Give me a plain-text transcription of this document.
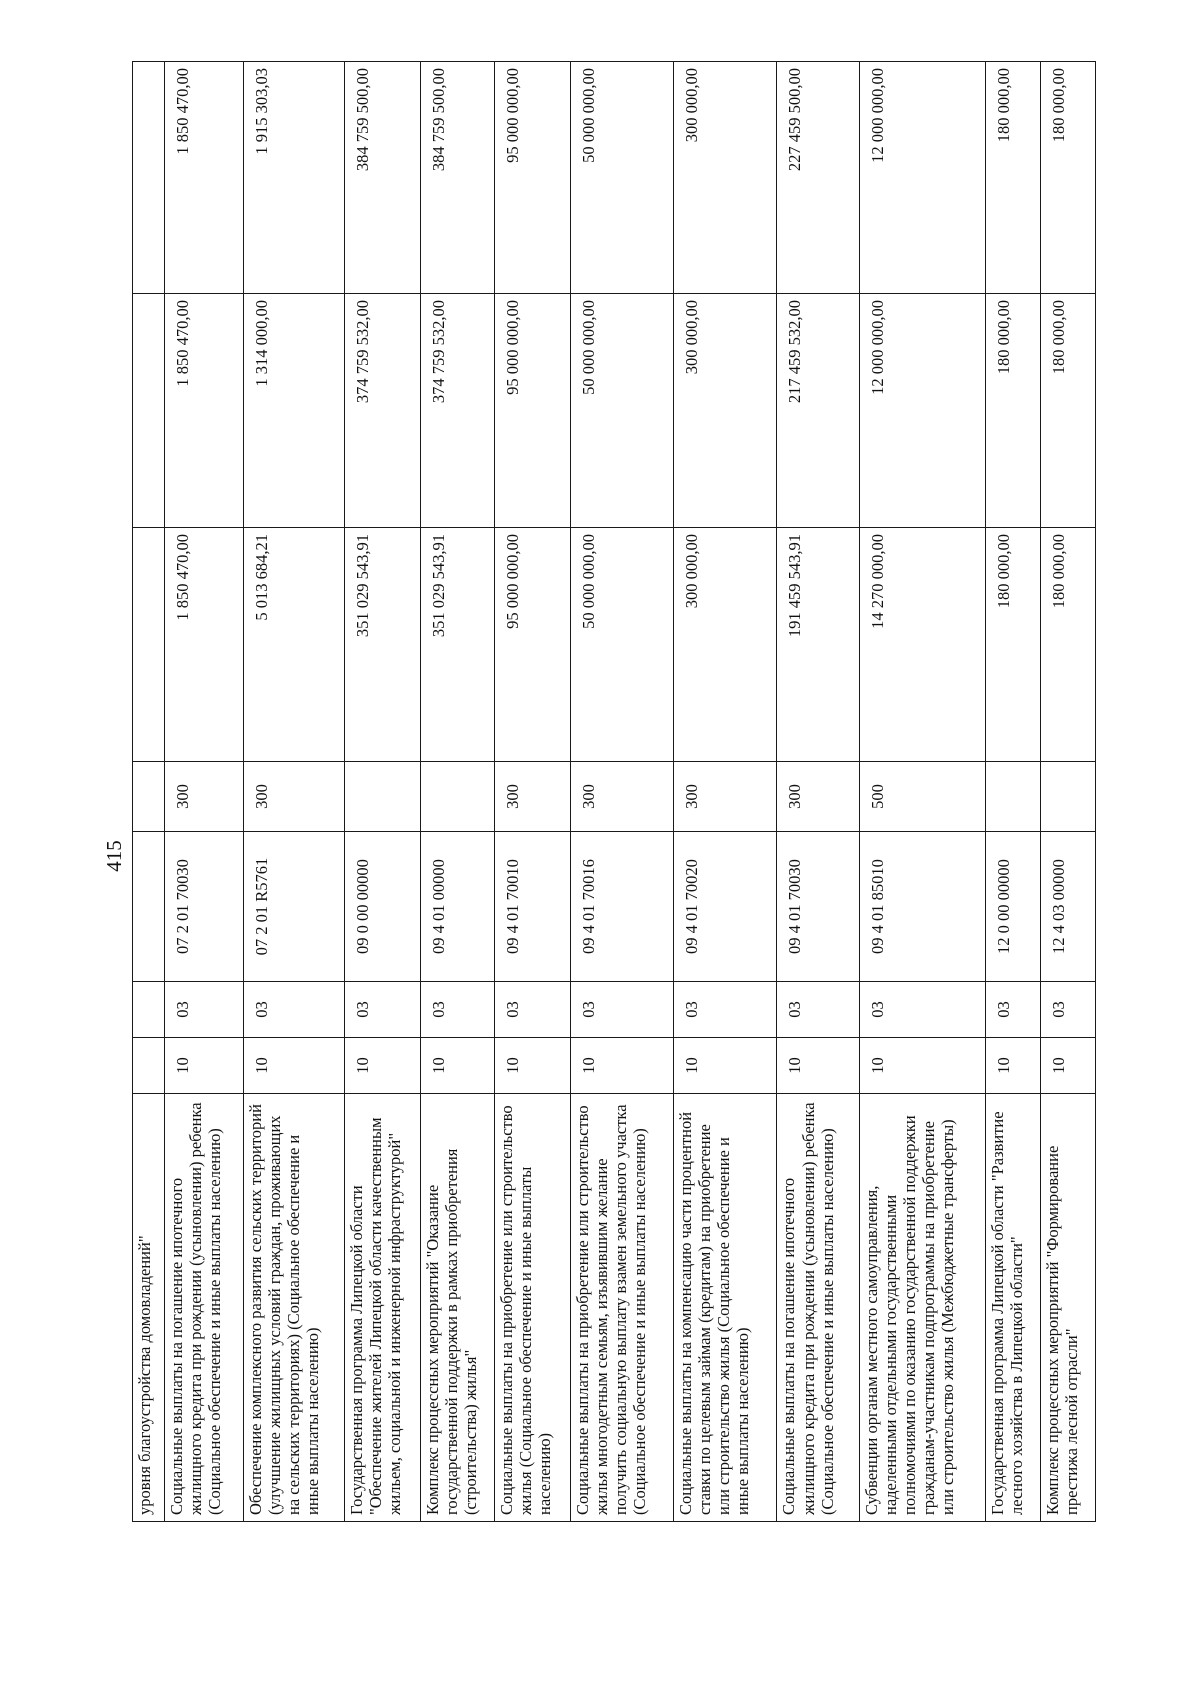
415
уровня благоустройства домовладений"							

Социальные выплаты на погашение ипотечного жилищного кредита при рождении (усыновлении) ребенка (Социальное обеспечение и иные выплаты населению)	10	03	07 2 01 70030	300	1 850 470,00	1 850 470,00	1 850 470,00

Обеспечение комплексного развития сельских территорий (улучшение жилищных условий граждан, проживающих на сельских территориях) (Социальное обеспечение и иные выплаты населению)	10	03	07 2 01 R5761	300	5 013 684,21	1 314 000,00	1 915 303,03

Государственная программа Липецкой области "Обеспечение жителей Липецкой области качественным жильем, социальной и инженерной инфраструктурой"	10	03	09 0 00 00000		351 029 543,91	374 759 532,00	384 759 500,00

Комплекс процессных мероприятий "Оказание государственной поддержки в рамках приобретения (строительства) жилья"	10	03	09 4 01 00000		351 029 543,91	374 759 532,00	384 759 500,00

Социальные выплаты на приобретение или строительство жилья (Социальное обеспечение и иные выплаты населению)	10	03	09 4 01 70010	300	95 000 000,00	95 000 000,00	95 000 000,00

Социальные выплаты на приобретение или строительство жилья многодетным семьям, изъявившим желание получить социальную выплату взамен земельного участка (Социальное обеспечение и иные выплаты населению)	10	03	09 4 01 70016	300	50 000 000,00	50 000 000,00	50 000 000,00

Социальные выплаты на компенсацию части процентной ставки по целевым займам (кредитам) на приобретение или строительство жилья (Социальное обеспечение и иные выплаты населению)	10	03	09 4 01 70020	300	300 000,00	300 000,00	300 000,00

Социальные выплаты на погашение ипотечного жилищного кредита при рождении (усыновлении) ребенка (Социальное обеспечение и иные выплаты населению)	10	03	09 4 01 70030	300	191 459 543,91	217 459 532,00	227 459 500,00

Субвенции органам местного самоуправления, наделенными отдельными государственными полномочиями по оказанию государственной поддержки гражданам-участникам подпрограммы на приобретение или строительство жилья (Межбюджетные трансферты)	10	03	09 4 01 85010	500	14 270 000,00	12 000 000,00	12 000 000,00

Государственная программа Липецкой области "Развитие лесного хозяйства в Липецкой области"	10	03	12 0 00 00000		180 000,00	180 000,00	180 000,00

Комплекс процессных мероприятий "Формирование престижа лесной отрасли"	10	03	12 4 03 00000		180 000,00	180 000,00	180 000,00
